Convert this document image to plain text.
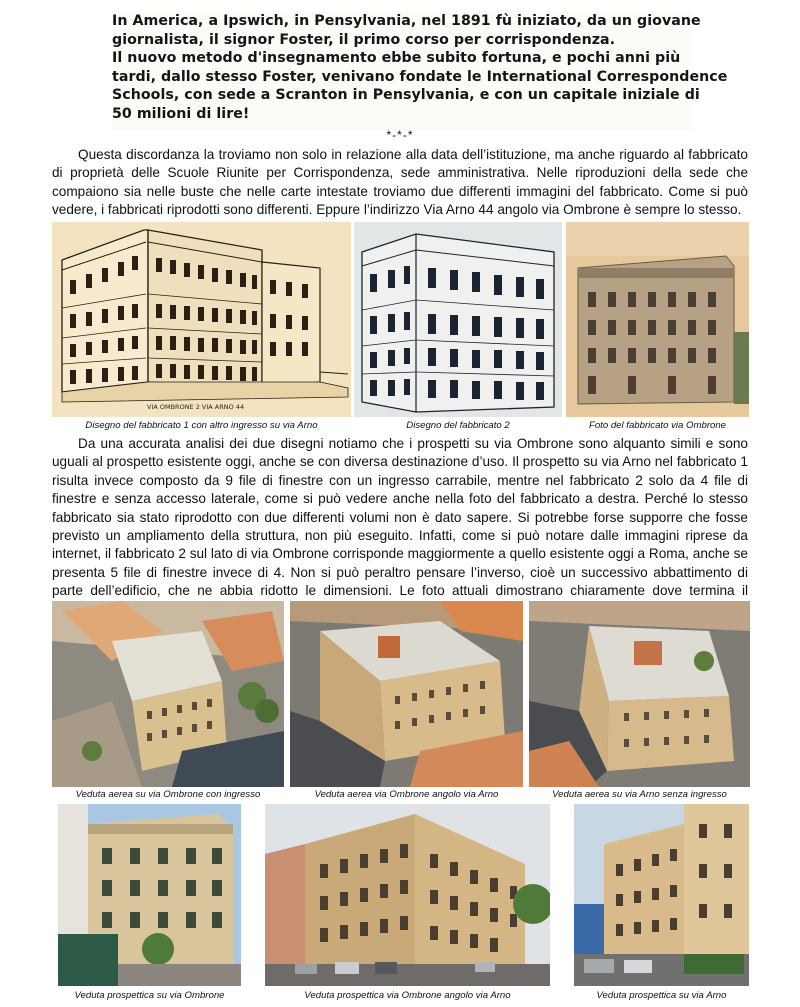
In America, a Ipswich, in Pensylvania, nel 1891 fù iniziato, da un giovane
giornalista, il signor Foster, il primo corso per corrispondenza.
Il nuovo metodo d'insegnamento ebbe subito fortuna, e pochi anni più
tardi, dallo stesso Foster, venivano fondate le International Correspondence
Schools, con sede a Scranton in Pensylvania, e con un capitale iniziale di
50 milioni di lire!
*-*-*

Questa discordanza la troviamo non solo in relazione alla data dell’istituzione, ma anche riguardo al fabbricato di proprietà delle Scuole Riunite per Corrispondenza, sede amministrativa. Nelle riproduzioni della sede che compaiono sia nelle buste che nelle carte intestate troviamo due differenti immagini del fabbricato. Come si può vedere, i fabbricati riprodotti sono differenti. Eppure l’indirizzo Via Arno 44 angolo via Ombrone è sempre lo stesso.

VIA OMBRONE 2 VIA ARNO 44
Disegno del fabbricato 1 con altro ingresso su via Arno	Disegno del fabbricato 2	Foto del fabbricato via Ombrone

Da una accurata analisi dei due disegni notiamo che i prospetti su via Ombrone sono alquanto simili e sono uguali al prospetto esistente oggi, anche se con diversa destinazione d’uso. Il prospetto su via Arno nel fabbricato 1 risulta invece composto da 9 file di finestre con un ingresso carrabile, mentre nel fabbricato 2 solo da 4 file di finestre e senza accesso laterale, come si può vedere anche nella foto del fabbricato a destra. Perché lo stesso fabbricato sia stato riprodotto con due differenti volumi non è dato sapere. Si potrebbe forse supporre che fosse previsto un ampliamento della struttura, non più eseguito. Infatti, come si può notare dalle immagini riprese da internet, il fabbricato 2 sul lato di via Ombrone corrisponde maggiormente a quello esistente oggi a Roma, anche se presenta 5 file di finestre invece di 4. Non si può peraltro pensare l’inverso, cioè un successivo abbattimento di parte dell’edificio, che ne abbia ridotto le dimensioni. Le foto attuali dimostrano chiaramente dove termina il

Veduta aerea su via Ombrone con ingresso	Veduta aerea via Ombrone angolo via Arno	Veduta aerea su via Arno senza ingresso
Veduta prospettica su via Ombrone	Veduta prospettica via Ombrone angolo via Arno	Veduta prospettica su via Arno
